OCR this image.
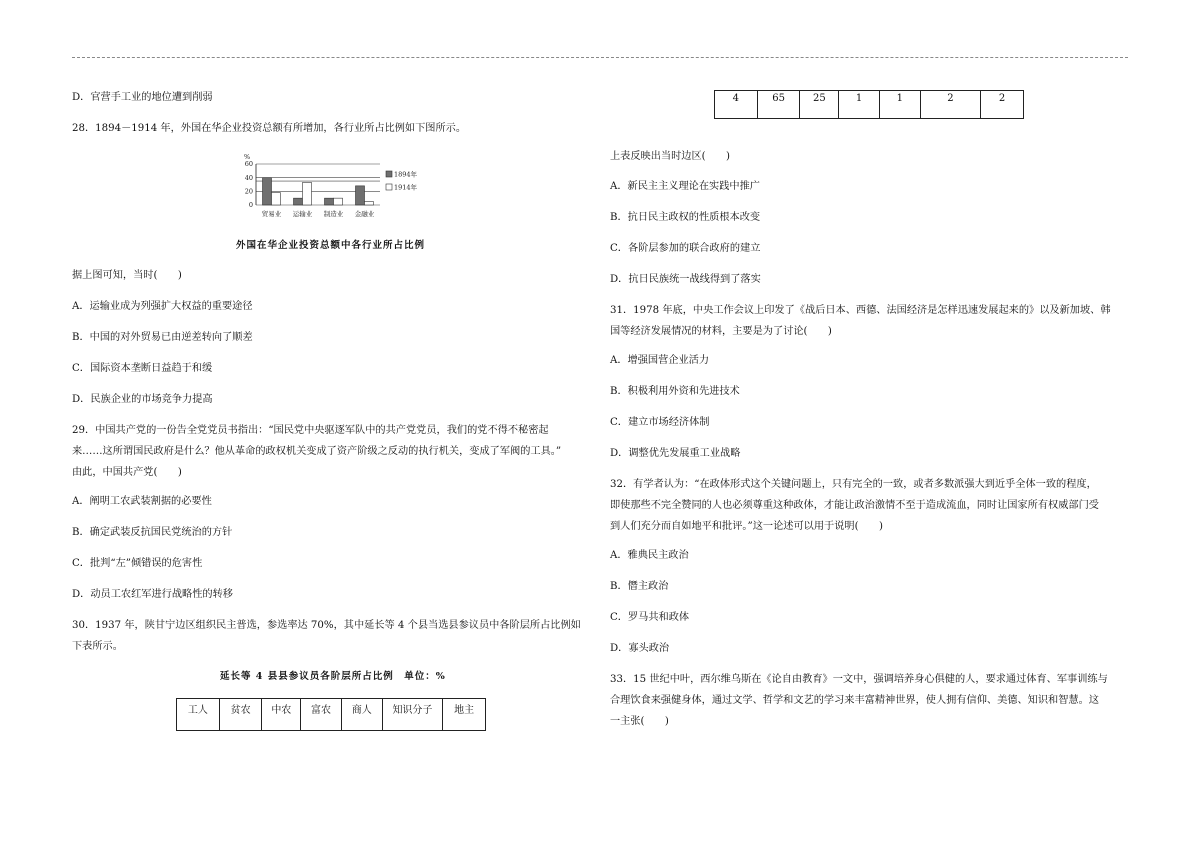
D．官营手工业的地位遭到削弱
28．1894－1914 年，外国在华企业投资总额有所增加，各行业所占比例如下图所示。
%
60
40
20
0
贸易业 运输业 制造业 金融业
1894年
1914年
外国在华企业投资总额中各行业所占比例
据上图可知，当时(　　)
A．运输业成为列强扩大权益的重要途径
B．中国的对外贸易已由逆差转向了顺差
C．国际资本垄断日益趋于和缓
D．民族企业的市场竞争力提高
29．中国共产党的一份告全党党员书指出：“国民党中央驱逐军队中的共产党党员，我们的党不得不秘密起
来……这所谓国民政府是什么？他从革命的政权机关变成了资产阶级之反动的执行机关，变成了军阀的工具。”
由此，中国共产党(　　)
A．阐明工农武装割据的必要性
B．确定武装反抗国民党统治的方针
C．批判“左”倾错误的危害性
D．动员工农红军进行战略性的转移
30．1937 年，陕甘宁边区组织民主普选，参选率达 70%，其中延长等 4 个县当选县参议员中各阶层所占比例如
下表所示。
延长等 4 县县参议员各阶层所占比例　单位：%
工人	贫农	中农	富农	商人	知识分子	地主
4	65	25	1	1	2	2
上表反映出当时边区(　　)
A．新民主主义理论在实践中推广
B．抗日民主政权的性质根本改变
C．各阶层参加的联合政府的建立
D．抗日民族统一战线得到了落实
31．1978 年底，中央工作会议上印发了《战后日本、西德、法国经济是怎样迅速发展起来的》以及新加坡、韩
国等经济发展情况的材料，主要是为了讨论(　　)
A．增强国营企业活力
B．积极利用外资和先进技术
C．建立市场经济体制
D．调整优先发展重工业战略
32．有学者认为：“在政体形式这个关键问题上，只有完全的一致，或者多数派强大到近乎全体一致的程度，
即使那些不完全赞同的人也必须尊重这种政体，才能让政治激情不至于造成流血，同时让国家所有权威部门受
到人们充分而自如地平和批评。”这一论述可以用于说明(　　)
A．雅典民主政治
B．僭主政治
C．罗马共和政体
D．寡头政治
33．15 世纪中叶，西尔维乌斯在《论自由教育》一文中，强调培养身心俱健的人，要求通过体育、军事训练与
合理饮食来强健身体，通过文学、哲学和文艺的学习来丰富精神世界，使人拥有信仰、美德、知识和智慧。这
一主张(　　)
